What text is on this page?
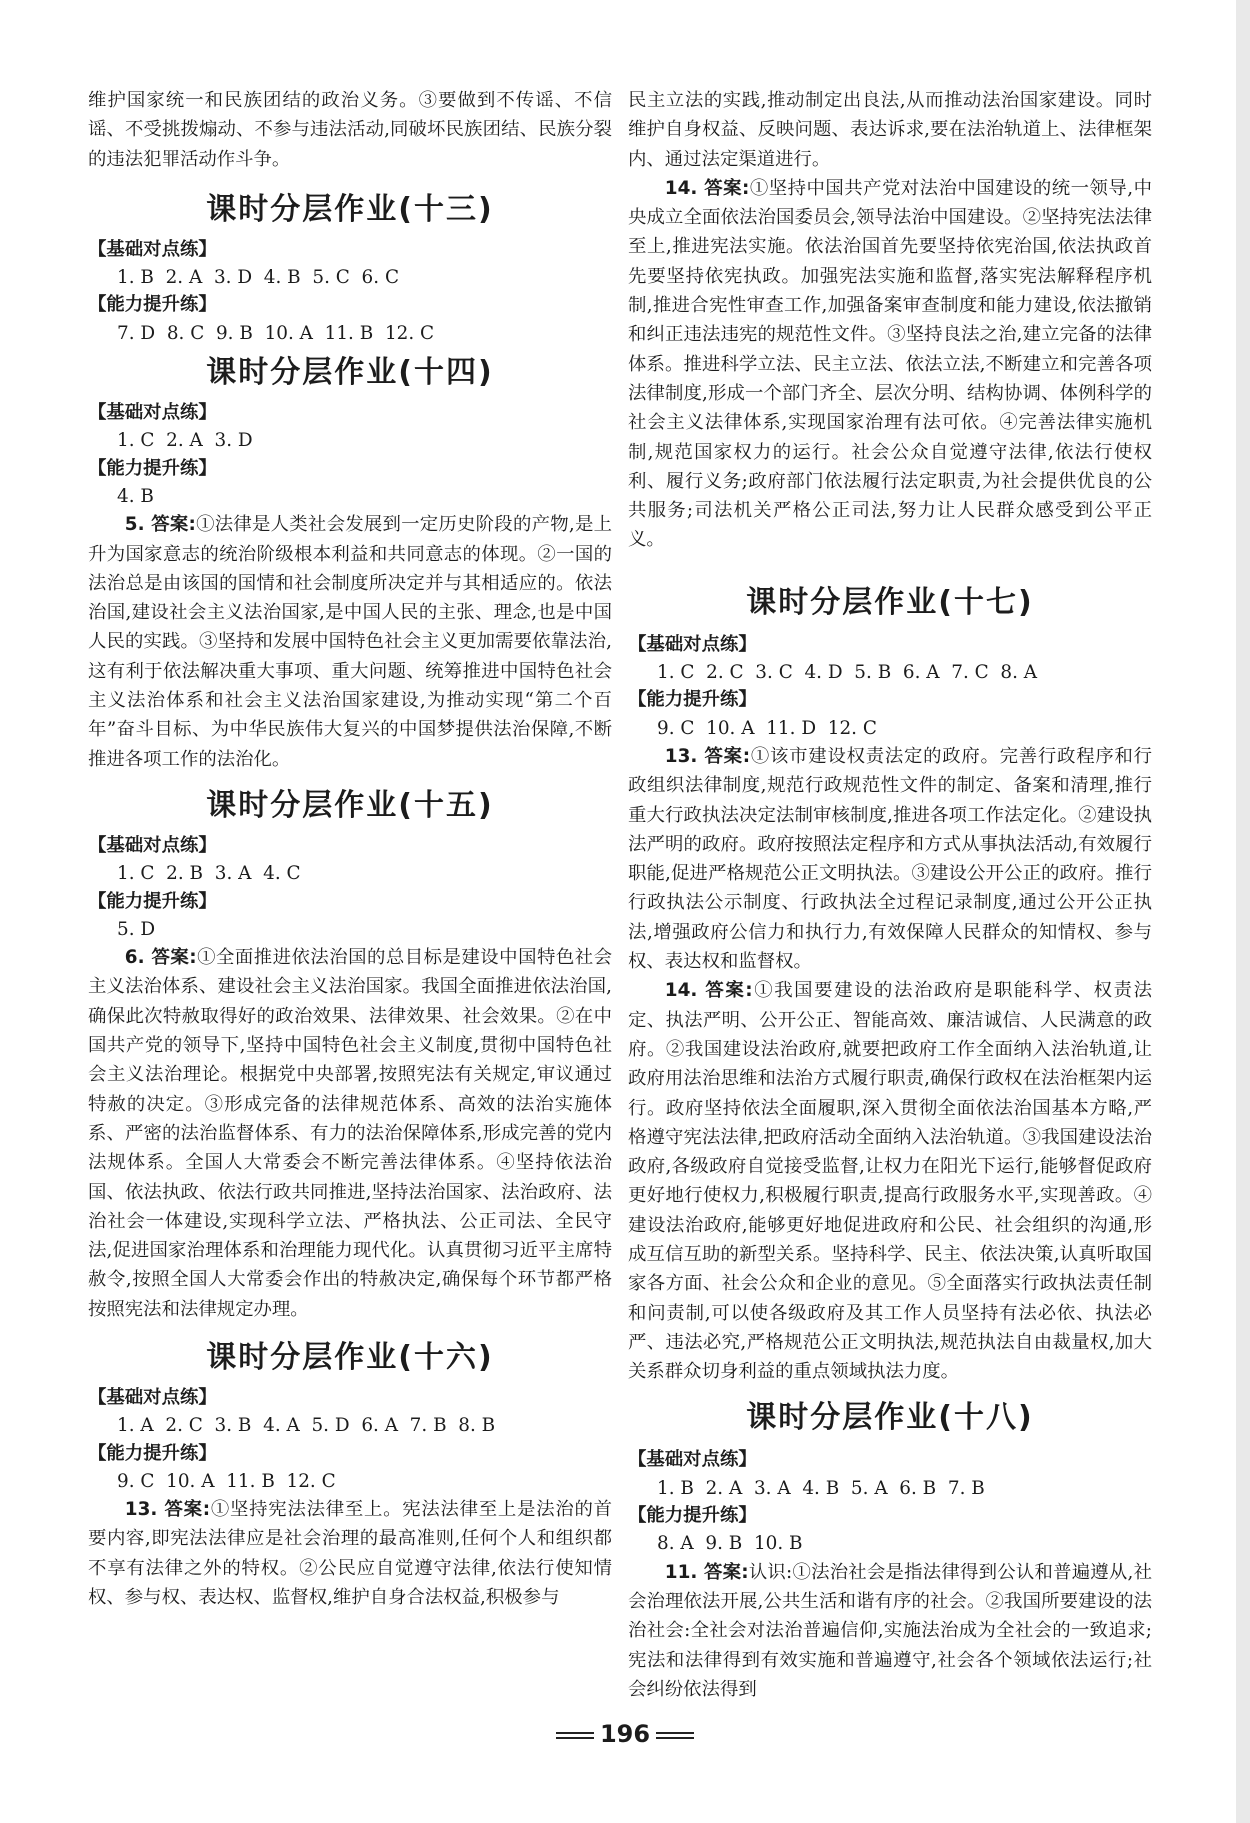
维护国家统一和民族团结的政治义务。③要做到不传谣、不信谣、不受挑拨煽动、不参与违法活动,同破坏民族团结、民族分裂的违法犯罪活动作斗争。

课时分层作业(十三)
【基础对点练】
1. B  2. A  3. D  4. B  5. C  6. C
【能力提升练】
7. D  8. C  9. B  10. A  11. B  12. C
课时分层作业(十四)
【基础对点练】
1. C  2. A  3. D
【能力提升练】
4. B

5. 答案:①法律是人类社会发展到一定历史阶段的产物,是上升为国家意志的统治阶级根本利益和共同意志的体现。②一国的法治总是由该国的国情和社会制度所决定并与其相适应的。依法治国,建设社会主义法治国家,是中国人民的主张、理念,也是中国人民的实践。③坚持和发展中国特色社会主义更加需要依靠法治,这有利于依法解决重大事项、重大问题、统筹推进中国特色社会主义法治体系和社会主义法治国家建设,为推动实现“第二个百年”奋斗目标、为中华民族伟大复兴的中国梦提供法治保障,不断推进各项工作的法治化。

课时分层作业(十五)
【基础对点练】
1. C  2. B  3. A  4. C
【能力提升练】
5. D

6. 答案:①全面推进依法治国的总目标是建设中国特色社会主义法治体系、建设社会主义法治国家。我国全面推进依法治国,确保此次特赦取得好的政治效果、法律效果、社会效果。②在中国共产党的领导下,坚持中国特色社会主义制度,贯彻中国特色社会主义法治理论。根据党中央部署,按照宪法有关规定,审议通过特赦的决定。③形成完备的法律规范体系、高效的法治实施体系、严密的法治监督体系、有力的法治保障体系,形成完善的党内法规体系。全国人大常委会不断完善法律体系。④坚持依法治国、依法执政、依法行政共同推进,坚持法治国家、法治政府、法治社会一体建设,实现科学立法、严格执法、公正司法、全民守法,促进国家治理体系和治理能力现代化。认真贯彻习近平主席特赦令,按照全国人大常委会作出的特赦决定,确保每个环节都严格按照宪法和法律规定办理。

课时分层作业(十六)
【基础对点练】
1. A  2. C  3. B  4. A  5. D  6. A  7. B  8. B
【能力提升练】
9. C  10. A  11. B  12. C

13. 答案:①坚持宪法法律至上。宪法法律至上是法治的首要内容,即宪法法律应是社会治理的最高准则,任何个人和组织都不享有法律之外的特权。②公民应自觉遵守法律,依法行使知情权、参与权、表达权、监督权,维护自身合法权益,积极参与

民主立法的实践,推动制定出良法,从而推动法治国家建设。同时维护自身权益、反映问题、表达诉求,要在法治轨道上、法律框架内、通过法定渠道进行。

14. 答案:①坚持中国共产党对法治中国建设的统一领导,中央成立全面依法治国委员会,领导法治中国建设。②坚持宪法法律至上,推进宪法实施。依法治国首先要坚持依宪治国,依法执政首先要坚持依宪执政。加强宪法实施和监督,落实宪法解释程序机制,推进合宪性审查工作,加强备案审查制度和能力建设,依法撤销和纠正违法违宪的规范性文件。③坚持良法之治,建立完备的法律体系。推进科学立法、民主立法、依法立法,不断建立和完善各项法律制度,形成一个部门齐全、层次分明、结构协调、体例科学的社会主义法律体系,实现国家治理有法可依。④完善法律实施机制,规范国家权力的运行。社会公众自觉遵守法律,依法行使权利、履行义务;政府部门依法履行法定职责,为社会提供优良的公共服务;司法机关严格公正司法,努力让人民群众感受到公平正义。

课时分层作业(十七)
【基础对点练】
1. C  2. C  3. C  4. D  5. B  6. A  7. C  8. A
【能力提升练】
9. C  10. A  11. D  12. C

13. 答案:①该市建设权责法定的政府。完善行政程序和行政组织法律制度,规范行政规范性文件的制定、备案和清理,推行重大行政执法决定法制审核制度,推进各项工作法定化。②建设执法严明的政府。政府按照法定程序和方式从事执法活动,有效履行职能,促进严格规范公正文明执法。③建设公开公正的政府。推行行政执法公示制度、行政执法全过程记录制度,通过公开公正执法,增强政府公信力和执行力,有效保障人民群众的知情权、参与权、表达权和监督权。

14. 答案:①我国要建设的法治政府是职能科学、权责法定、执法严明、公开公正、智能高效、廉洁诚信、人民满意的政府。②我国建设法治政府,就要把政府工作全面纳入法治轨道,让政府用法治思维和法治方式履行职责,确保行政权在法治框架内运行。政府坚持依法全面履职,深入贯彻全面依法治国基本方略,严格遵守宪法法律,把政府活动全面纳入法治轨道。③我国建设法治政府,各级政府自觉接受监督,让权力在阳光下运行,能够督促政府更好地行使权力,积极履行职责,提高行政服务水平,实现善政。④建设法治政府,能够更好地促进政府和公民、社会组织的沟通,形成互信互助的新型关系。坚持科学、民主、依法决策,认真听取国家各方面、社会公众和企业的意见。⑤全面落实行政执法责任制和问责制,可以使各级政府及其工作人员坚持有法必依、执法必严、违法必究,严格规范公正文明执法,规范执法自由裁量权,加大关系群众切身利益的重点领域执法力度。

课时分层作业(十八)
【基础对点练】
1. B  2. A  3. A  4. B  5. A  6. B  7. B
【能力提升练】
8. A  9. B  10. B

11. 答案:认识:①法治社会是指法律得到公认和普遍遵从,社会治理依法开展,公共生活和谐有序的社会。②我国所要建设的法治社会:全社会对法治普遍信仰,实施法治成为全社会的一致追求;宪法和法律得到有效实施和普遍遵守,社会各个领域依法运行;社会纠纷依法得到

196
